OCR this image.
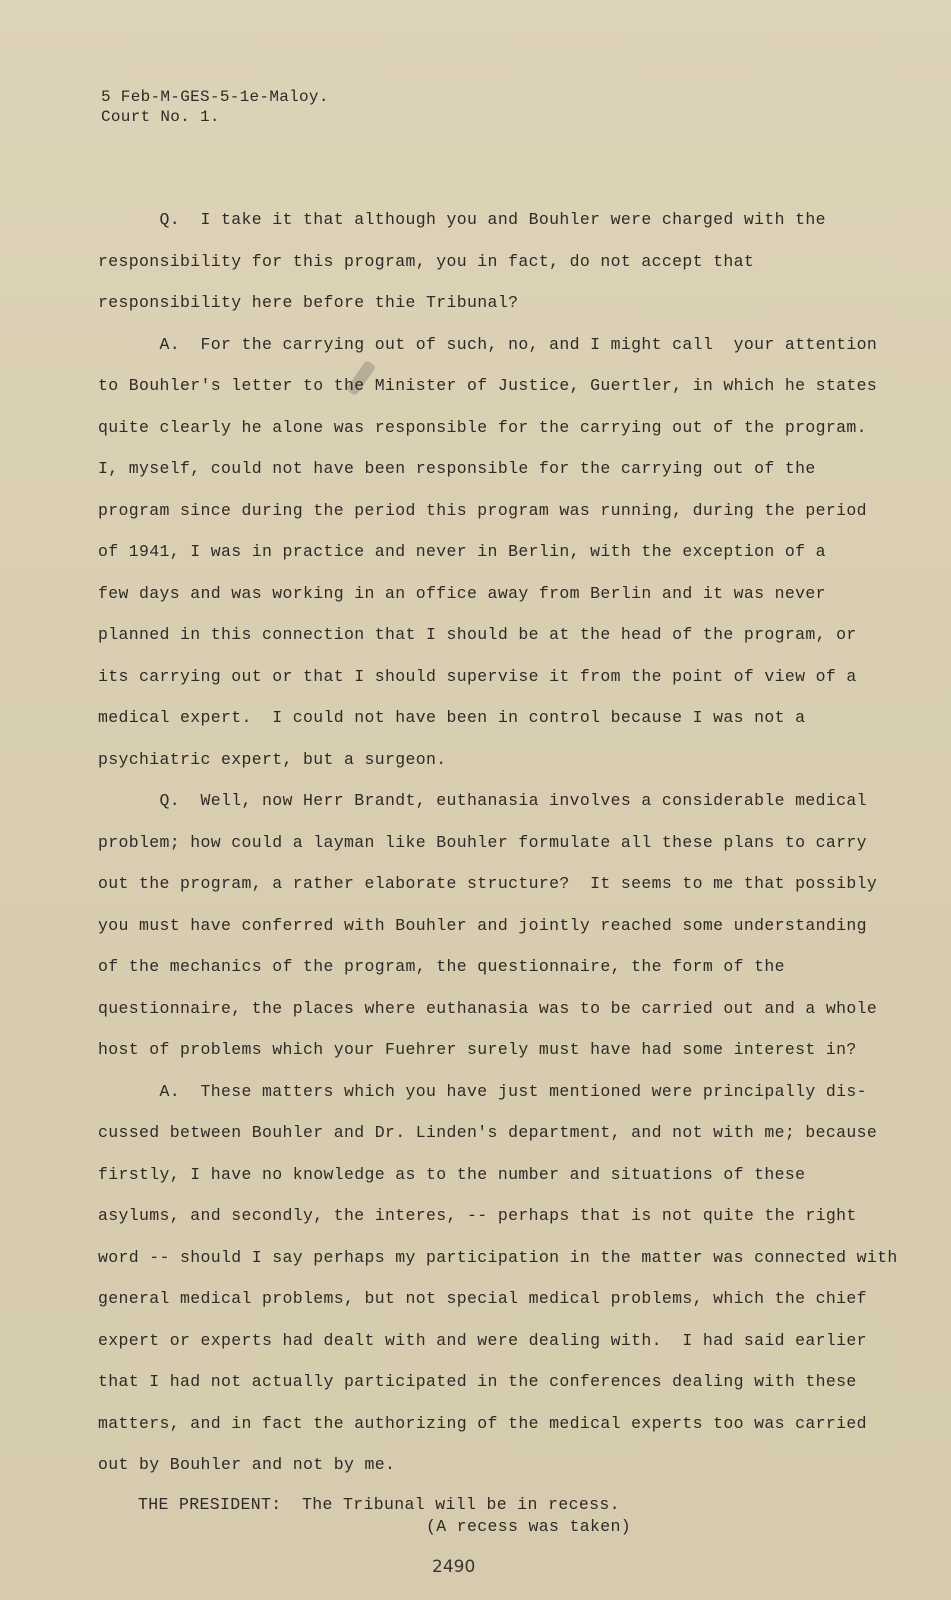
5 Feb-M-GES-5-1e-Maloy.
Court No. 1.
Q.  I take it that although you and Bouhler were charged with the
responsibility for this program, you in fact, do not accept that
responsibility here before thie Tribunal?
A.  For the carrying out of such, no, and I might call  your attention
to Bouhler's letter to the Minister of Justice, Guertler, in which he states
quite clearly he alone was responsible for the carrying out of the program.
I, myself, could not have been responsible for the carrying out of the
program since during the period this program was running, during the period
of 1941, I was in practice and never in Berlin, with the exception of a
few days and was working in an office away from Berlin and it was never
planned in this connection that I should be at the head of the program, or
its carrying out or that I should supervise it from the point of view of a
medical expert.  I could not have been in control because I was not a
psychiatric expert, but a surgeon.
Q.  Well, now Herr Brandt, euthanasia involves a considerable medical
problem; how could a layman like Bouhler formulate all these plans to carry
out the program, a rather elaborate structure?  It seems to me that possibly
you must have conferred with Bouhler and jointly reached some understanding
of the mechanics of the program, the questionnaire, the form of the
questionnaire, the places where euthanasia was to be carried out and a whole
host of problems which your Fuehrer surely must have had some interest in?
A.  These matters which you have just mentioned were principally dis-
cussed between Bouhler and Dr. Linden's department, and not with me; because
firstly, I have no knowledge as to the number and situations of these
asylums, and secondly, the interes, -- perhaps that is not quite the right
word -- should I say perhaps my participation in the matter was connected with
general medical problems, but not special medical problems, which the chief
expert or experts had dealt with and were dealing with.  I had said earlier
that I had not actually participated in the conferences dealing with these
matters, and in fact the authorizing of the medical experts too was carried
out by Bouhler and not by me.
THE PRESIDENT:  The Tribunal will be in recess.
(A recess was taken)
2490
